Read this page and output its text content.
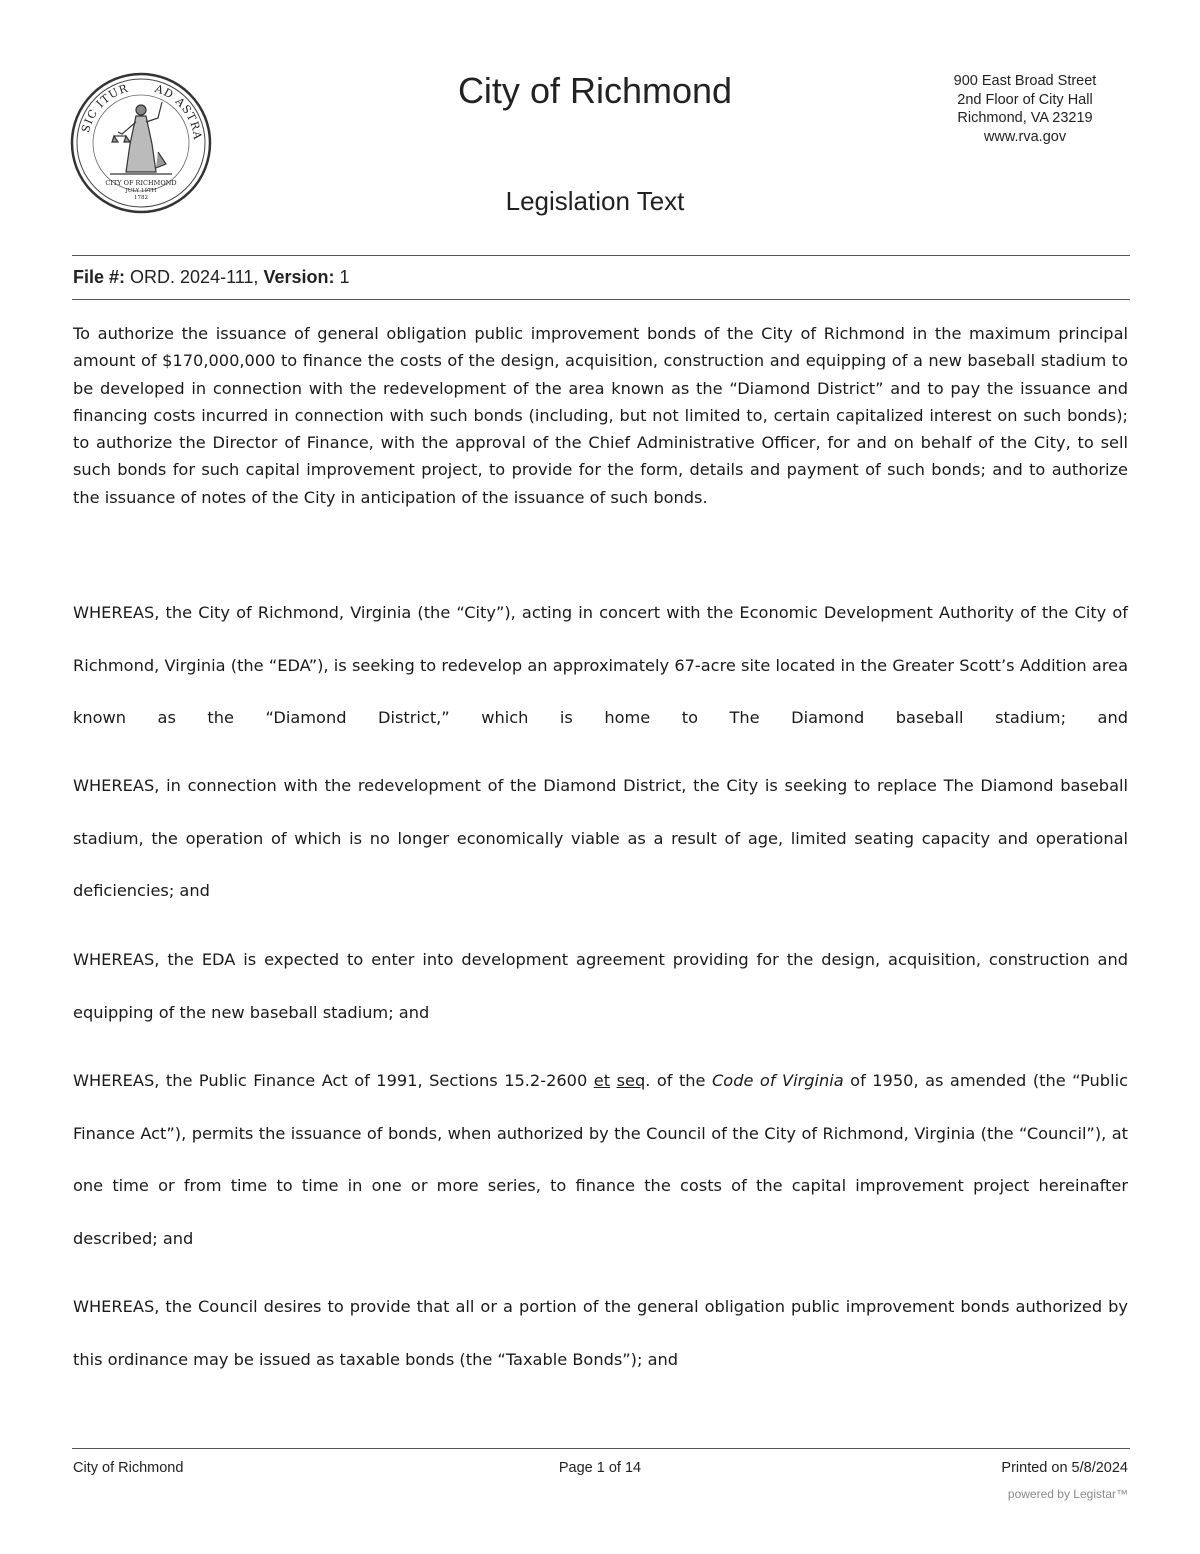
SIC ITUR AD ASTRA
CITY OF RICHMOND
JULY 19TH
1782
City of Richmond
Legislation Text
900 East Broad Street
2nd Floor of City Hall
Richmond, VA 23219
www.rva.gov
File #: ORD. 2024-111, Version: 1
To authorize the issuance of general obligation public improvement bonds of the City of Richmond in the maximum principal amount of $170,000,000 to finance the costs of the design, acquisition, construction and equipping of a new baseball stadium to be developed in connection with the redevelopment of the area known as the “Diamond District” and to pay the issuance and financing costs incurred in connection with such bonds (including, but not limited to, certain capitalized interest on such bonds); to authorize the Director of Finance, with the approval of the Chief Administrative Officer, for and on behalf of the City, to sell such bonds for such capital improvement project, to provide for the form, details and payment of such bonds; and to authorize the issuance of notes of the City in anticipation of the issuance of such bonds.
WHEREAS, the City of Richmond, Virginia (the “City”), acting in concert with the Economic Development Authority of the City of Richmond, Virginia (the “EDA”), is seeking to redevelop an approximately 67-acre site located in the Greater Scott’s Addition area known as the “Diamond District,” which is home to The Diamond baseball stadium; and
WHEREAS, in connection with the redevelopment of the Diamond District, the City is seeking to replace The Diamond baseball stadium, the operation of which is no longer economically viable as a result of age, limited seating capacity and operational deficiencies; and
WHEREAS, the EDA is expected to enter into development agreement providing for the design, acquisition, construction and equipping of the new baseball stadium; and
WHEREAS, the Public Finance Act of 1991, Sections 15.2-2600 et seq. of the Code of Virginia of 1950, as amended (the “Public Finance Act”), permits the issuance of bonds, when authorized by the Council of the City of Richmond, Virginia (the “Council”), at one time or from time to time in one or more series, to finance the costs of the capital improvement project hereinafter described; and
WHEREAS, the Council desires to provide that all or a portion of the general obligation public improvement bonds authorized by this ordinance may be issued as taxable bonds (the “Taxable Bonds”); and
City of Richmond	Page 1 of 14	Printed on 5/8/2024
powered by Legistar™
